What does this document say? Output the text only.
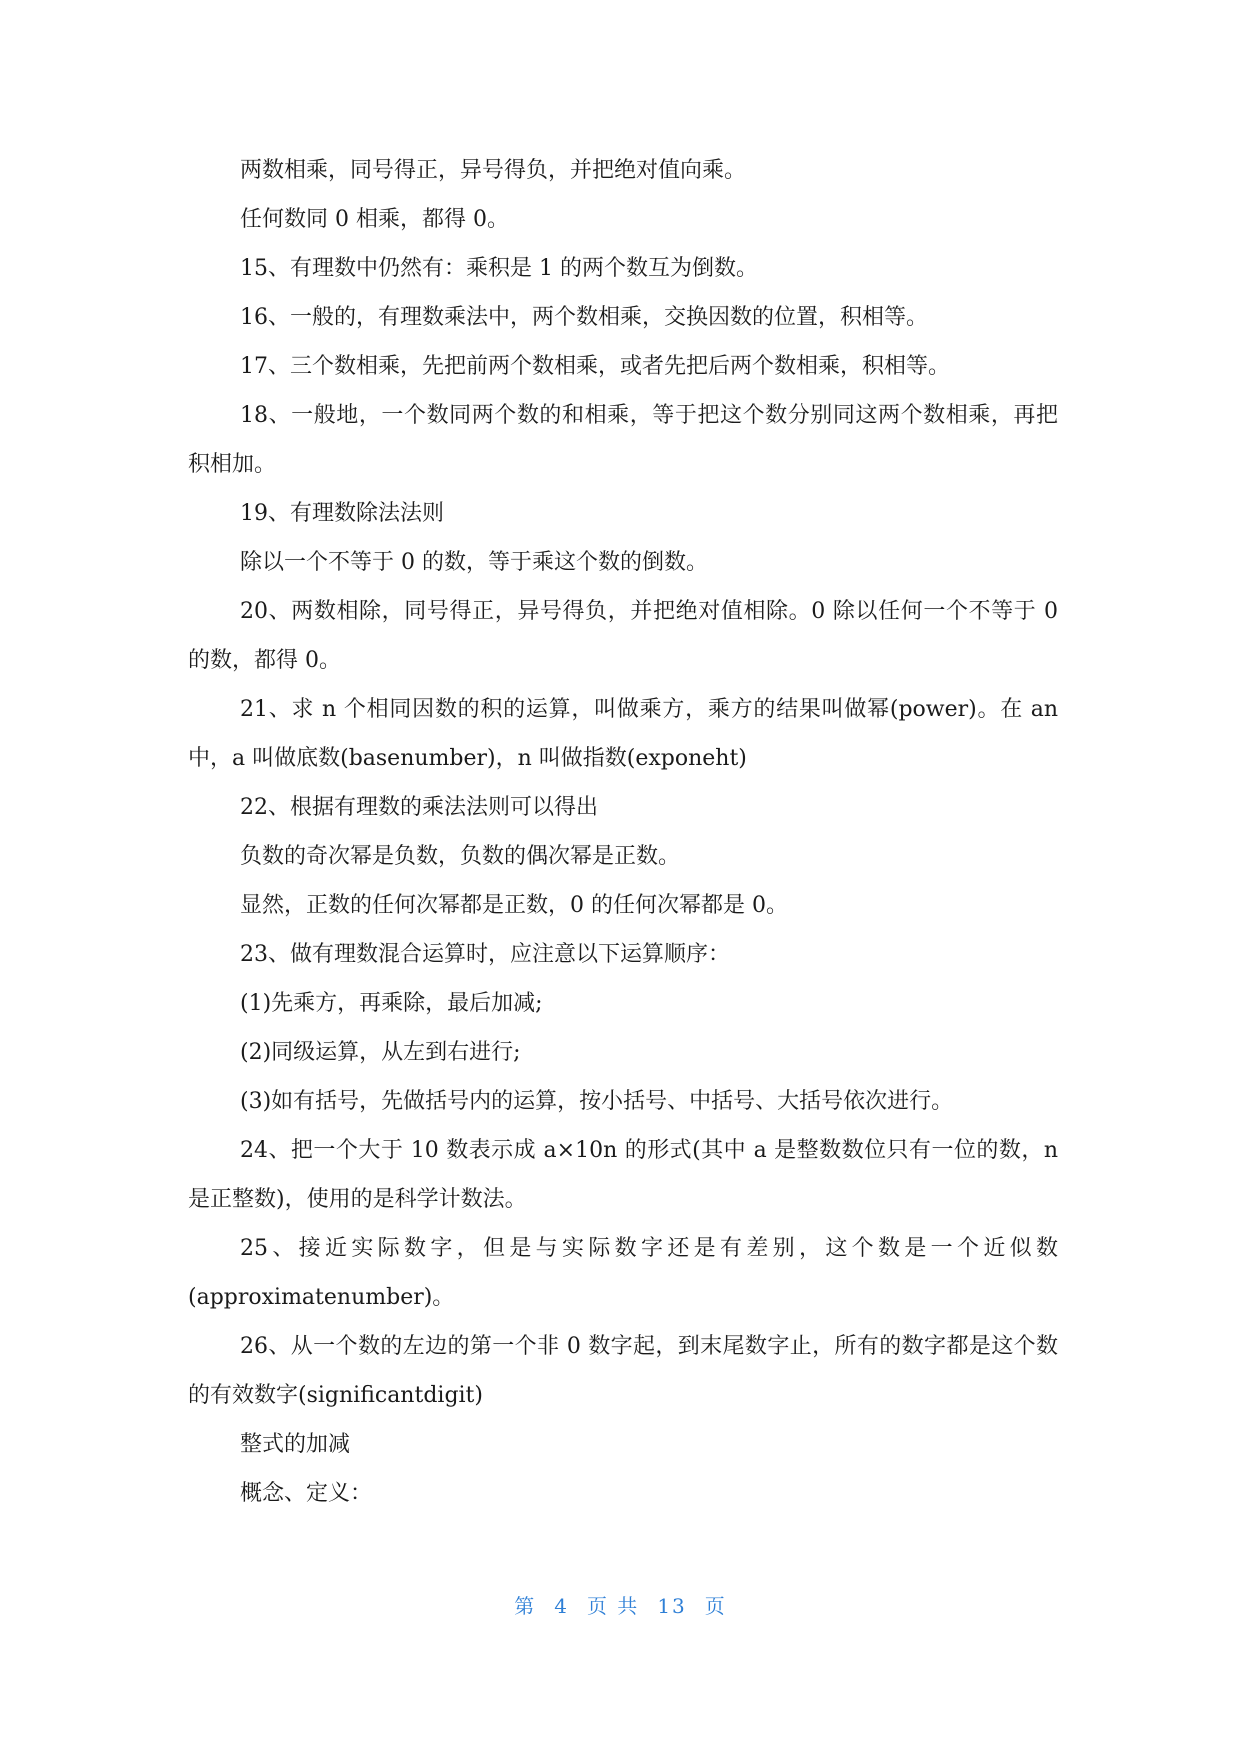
两数相乘，同号得正，异号得负，并把绝对值向乘。

任何数同 0 相乘，都得 0。

15、有理数中仍然有：乘积是 1 的两个数互为倒数。

16、一般的，有理数乘法中，两个数相乘，交换因数的位置，积相等。

17、三个数相乘，先把前两个数相乘，或者先把后两个数相乘，积相等。

18、一般地，一个数同两个数的和相乘，等于把这个数分别同这两个数相乘，再把积相加。

19、有理数除法法则

除以一个不等于 0 的数，等于乘这个数的倒数。

20、两数相除，同号得正，异号得负，并把绝对值相除。0 除以任何一个不等于 0 的数，都得 0。

21、求 n 个相同因数的积的运算，叫做乘方，乘方的结果叫做幂(power)。在 an 中，a 叫做底数(basenumber)，n 叫做指数(exponeht)

22、根据有理数的乘法法则可以得出

负数的奇次幂是负数，负数的偶次幂是正数。

显然，正数的任何次幂都是正数，0 的任何次幂都是 0。

23、做有理数混合运算时，应注意以下运算顺序：

(1)先乘方，再乘除，最后加减;

(2)同级运算，从左到右进行;

(3)如有括号，先做括号内的运算，按小括号、中括号、大括号依次进行。

24、把一个大于 10 数表示成 a×10n 的形式(其中 a 是整数数位只有一位的数，n 是正整数)，使用的是科学计数法。

25、接近实际数字，但是与实际数字还是有差别，这个数是一个近似数(approximatenumber)。

26、从一个数的左边的第一个非 0 数字起，到末尾数字止，所有的数字都是这个数的有效数字(significantdigit)

整式的加减

概念、定义：

第 4 页 共 13 页
